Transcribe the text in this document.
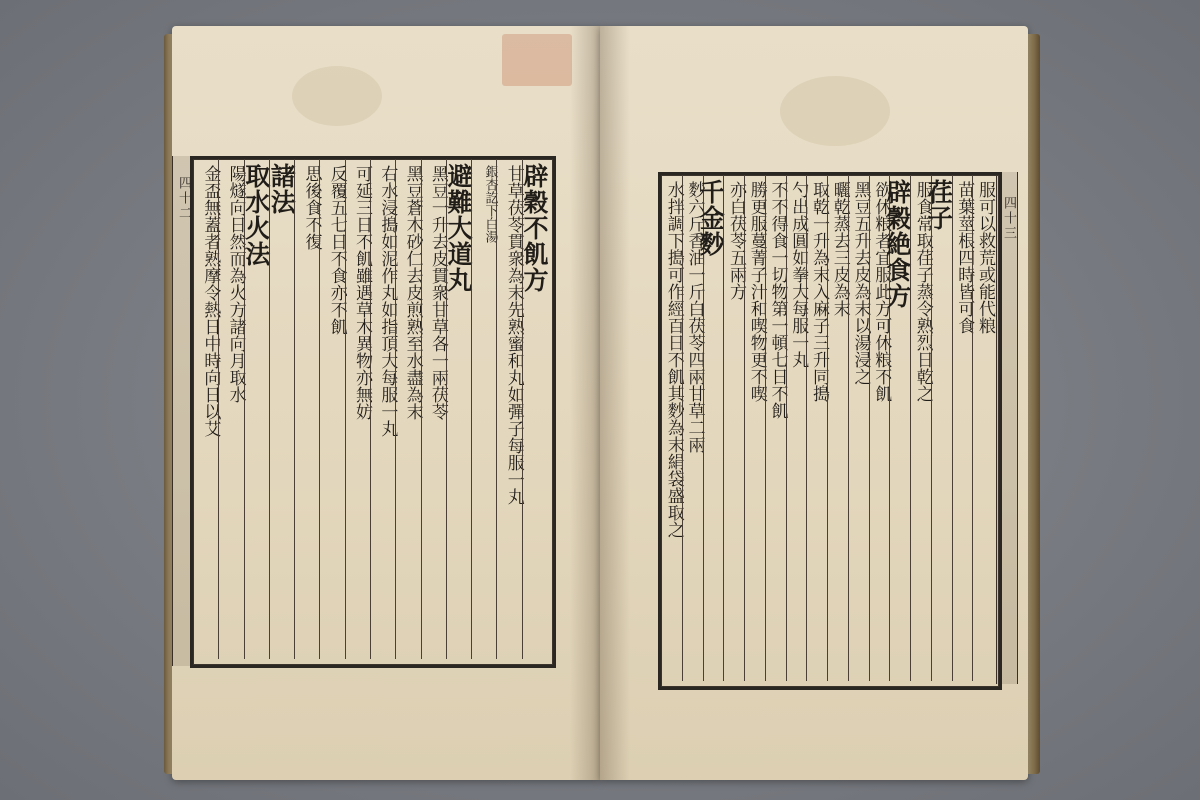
四十二	辟穀不飢方
甘草茯苓貫衆為末先熟蜜和丸如彈子每服一丸
銀杏訖下白湯
避難大道丸
黑豆一升去皮貫衆甘草各一兩茯苓
黑豆蒼木砂仁去皮煎熟至水盡為末
右水浸搗如泥作丸如指頂大每服一丸
可延三日不飢雖遇草木異物亦無妨
反覆五七日不食亦不飢
思後食不復
諸法
取水火法
陽燧向日然而為火方諸向月取水
金盃無蓋者熟摩令熱日中時向日以艾	四十三
服可以救荒或能代粮
苗葉莖根四時皆可食
荏子
服食常取荏子蒸令熟烈日乾之
辟穀絶食方
欲休粮者宜服此方可休粮不飢
黑豆五升去皮為末以湯浸之
曬乾蒸去三皮為末
取乾一升為末入麻子三升同搗
勺出成圓如拳大每服一丸
不不得食一切物第一頓七日不飢
勝更服蔓菁子汁和喫物更不喫
亦白茯苓五兩方
千金麨
麨六斤香油一斤白茯苓四兩甘草二兩
水拌調下搗可作經百日不飢其麨為末絹袋盛取之
